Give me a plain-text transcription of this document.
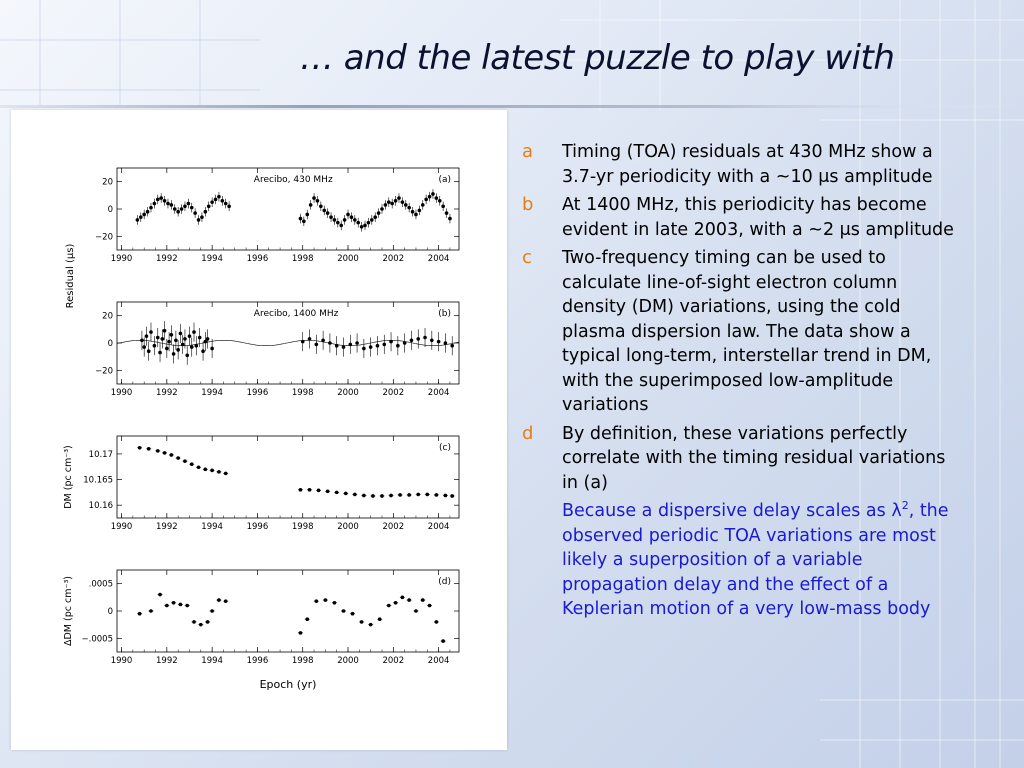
… and the latest puzzle to play with
1990	1992	1994	1996	1998	2000	2002	2004
20
0
−20
Arecibo, 430 MHz	(a)
1990	1992	1994	1996	1998	2000	2002	2004
20
0
−20
Arecibo, 1400 MHz	(b)
1990	1992	1994	1996	1998	2000	2002	2004
10.17
10.165
10.16
(c)
DM (pc cm⁻³)
1990	1992	1994	1996	1998	2000	2002	2004
.0005
0
−.0005
(d)
ΔDM (pc cm⁻³)
Residual (μs)
Epoch (yr)
a Timing (TOA) residuals at 430 MHz show a 3.7-yr periodicity with a ~10 μs amplitude
b At 1400 MHz, this periodicity has become evident in late 2003, with a ~2 μs amplitude
c Two-frequency timing can be used to calculate line-of-sight electron column density (DM) variations, using the cold plasma dispersion law. The data show a typical long-term, interstellar trend in DM, with the superimposed low-amplitude variations
d By definition, these variations perfectly correlate with the timing residual variations in (a)
Because a dispersive delay scales as $\lambda^2$, the observed periodic TOA variations are most likely a superposition of a variable propagation delay and the effect of a Keplerian motion of a very low-mass body
